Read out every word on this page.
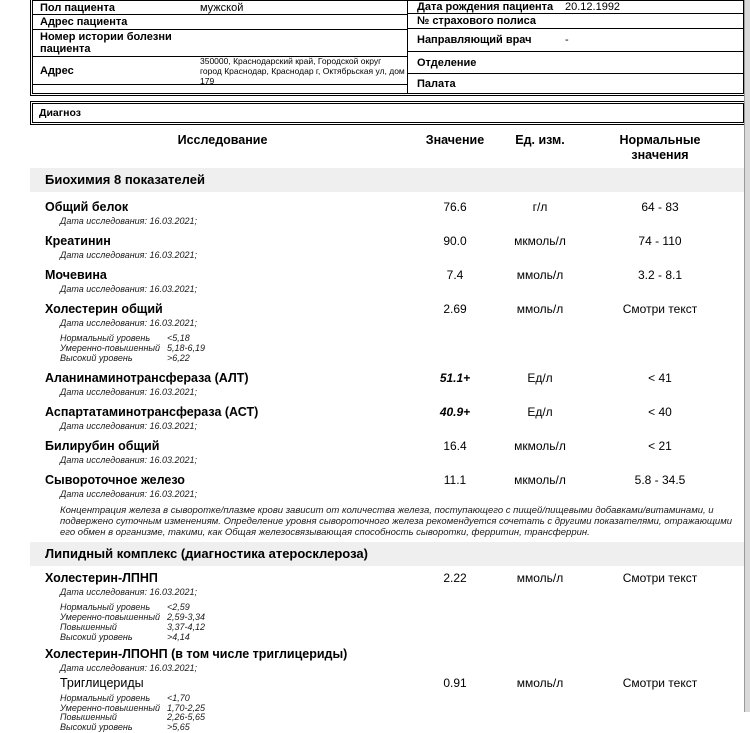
Пол пациента	мужской
Адрес пациента
Номер истории болезни пациента
Адрес
350000, Краснодарский край, Городской округ город Краснодар, Краснодар г, Октябрьская ул, дом 179
Дата рождения пациента	20.12.1992
№ страхового полиса
Направляющий врач	-
Отделение
Палата
Диагноз
Исследование	Значение	Ед. изм.	Нормальные значения
Биохимия 8 показателей
Общий белок	76.6	г/л	64 - 83
Дата исследования: 16.03.2021;
Креатинин	90.0	мкмоль/л	74 - 110
Дата исследования: 16.03.2021;
Мочевина	7.4	ммоль/л	3.2 - 8.1
Дата исследования: 16.03.2021;
Холестерин общий	2.69	ммоль/л	Смотри текст
Дата исследования: 16.03.2021;
Нормальный уровень <5,18
Умеренно-повышенный 5,18-6,19
Высокий уровень	>6,22
Аланинаминотрансфераза (АЛТ)	51.1+	Ед/л	< 41
Дата исследования: 16.03.2021;
Аспартатаминотрансфераза (АСТ)	40.9+	Ед/л	< 40
Дата исследования: 16.03.2021;
Билирубин общий	16.4	мкмоль/л	< 21
Дата исследования: 16.03.2021;
Сывороточное железо	11.1	мкмоль/л	5.8 - 34.5
Дата исследования: 16.03.2021;
Концентрация железа в сыворотке/плазме крови зависит от количества железа, поступающего с пищей/пищевыми добавками/витаминами, и подвержено суточным изменениям. Определение уровня сывороточного железа рекомендуется сочетать с другими показателями, отражающими его обмен в организме, такими, как Общая железосвязывающая способность сыворотки, ферритин, трансферрин.
Липидный комплекс (диагностика атеросклероза)
Холестерин-ЛПНП	2.22	ммоль/л	Смотри текст
Дата исследования: 16.03.2021;
Нормальный уровень <2,59
Умеренно-повышенный 2,59-3,34
Повышенный	3,37-4,12
Высокий уровень	>4,14
Холестерин-ЛПОНП (в том числе триглицериды)
Дата исследования: 16.03.2021;
Триглицериды	0.91	ммоль/л	Смотри текст
Нормальный уровень <1,70
Умеренно-повышенный 1,70-2,25
Повышенный	2,26-5,65
Высокий уровень	>5,65
